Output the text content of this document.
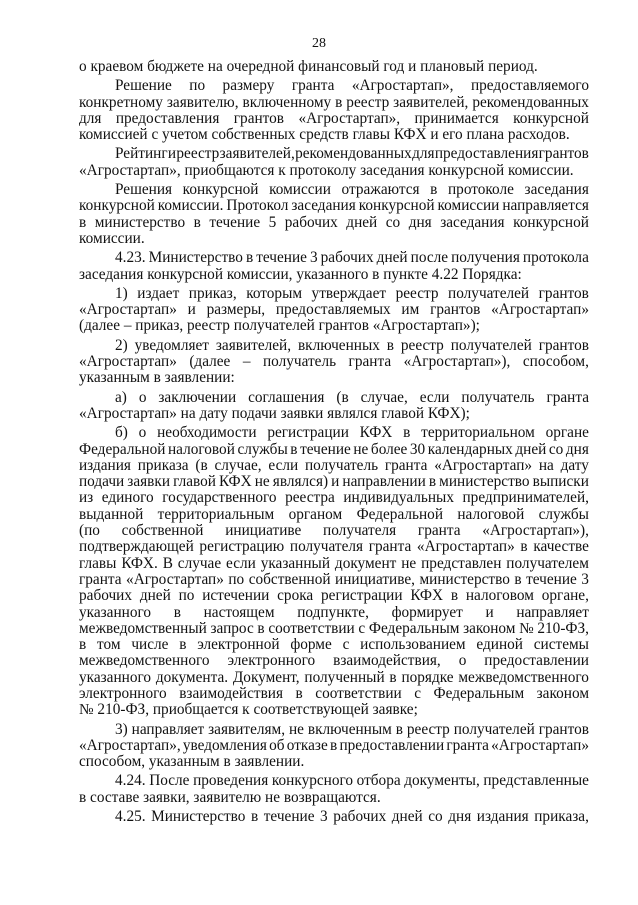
28
о краевом бюджете на очередной финансовый год и плановый период.
Решение по размеру гранта «Агростартап», предоставляемого
конкретному заявителю, включенному в реестр заявителей, рекомендованных
для предоставления грантов «Агростартап», принимается конкурсной
комиссией с учетом собственных средств главы КФХ и его плана расходов.
Рейтинг и реестр заявителей, рекомендованных для предоставления грантов
«Агростартап», приобщаются к протоколу заседания конкурсной комиссии.
Решения конкурсной комиссии отражаются в протоколе заседания
конкурсной комиссии. Протокол заседания конкурсной комиссии направляется
в министерство в течение 5 рабочих дней со дня заседания конкурсной
комиссии.
4.23. Министерство в течение 3 рабочих дней после получения протокола
заседания конкурсной комиссии, указанного в пункте 4.22 Порядка:
1) издает приказ, которым утверждает реестр получателей грантов
«Агростартап» и размеры, предоставляемых им грантов «Агростартап»
(далее – приказ, реестр получателей грантов «Агростартап»);
2) уведомляет заявителей, включенных в реестр получателей грантов
«Агростартап» (далее – получатель гранта «Агростартап»), способом,
указанным в заявлении:
а) о заключении соглашения (в случае, если получатель гранта
«Агростартап» на дату подачи заявки являлся главой КФХ);
б) о необходимости регистрации КФХ в территориальном органе
Федеральной налоговой службы в течение не более 30 календарных дней со дня
издания приказа (в случае, если получатель гранта «Агростартап» на дату
подачи заявки главой КФХ не являлся) и направлении в министерство выписки
из единого государственного реестра индивидуальных предпринимателей,
выданной территориальным органом Федеральной налоговой службы
(по собственной инициативе получателя гранта «Агростартап»),
подтверждающей регистрацию получателя гранта «Агростартап» в качестве
главы КФХ. В случае если указанный документ не представлен получателем
гранта «Агростартап» по собственной инициативе, министерство в течение 3
рабочих дней по истечении срока регистрации КФХ в налоговом органе,
указанного в настоящем подпункте, формирует и направляет
межведомственный запрос в соответствии с Федеральным законом № 210-ФЗ,
в том числе в электронной форме с использованием единой системы
межведомственного электронного взаимодействия, о предоставлении
указанного документа. Документ, полученный в порядке межведомственного
электронного взаимодействия в соответствии с Федеральным законом
№ 210-ФЗ, приобщается к соответствующей заявке;
3) направляет заявителям, не включенным в реестр получателей грантов
«Агростартап», уведомления об отказе в предоставлении гранта «Агростартап»
способом, указанным в заявлении.
4.24. После проведения конкурсного отбора документы, представленные
в составе заявки, заявителю не возвращаются.
4.25. Министерство в течение 3 рабочих дней со дня издания приказа,
